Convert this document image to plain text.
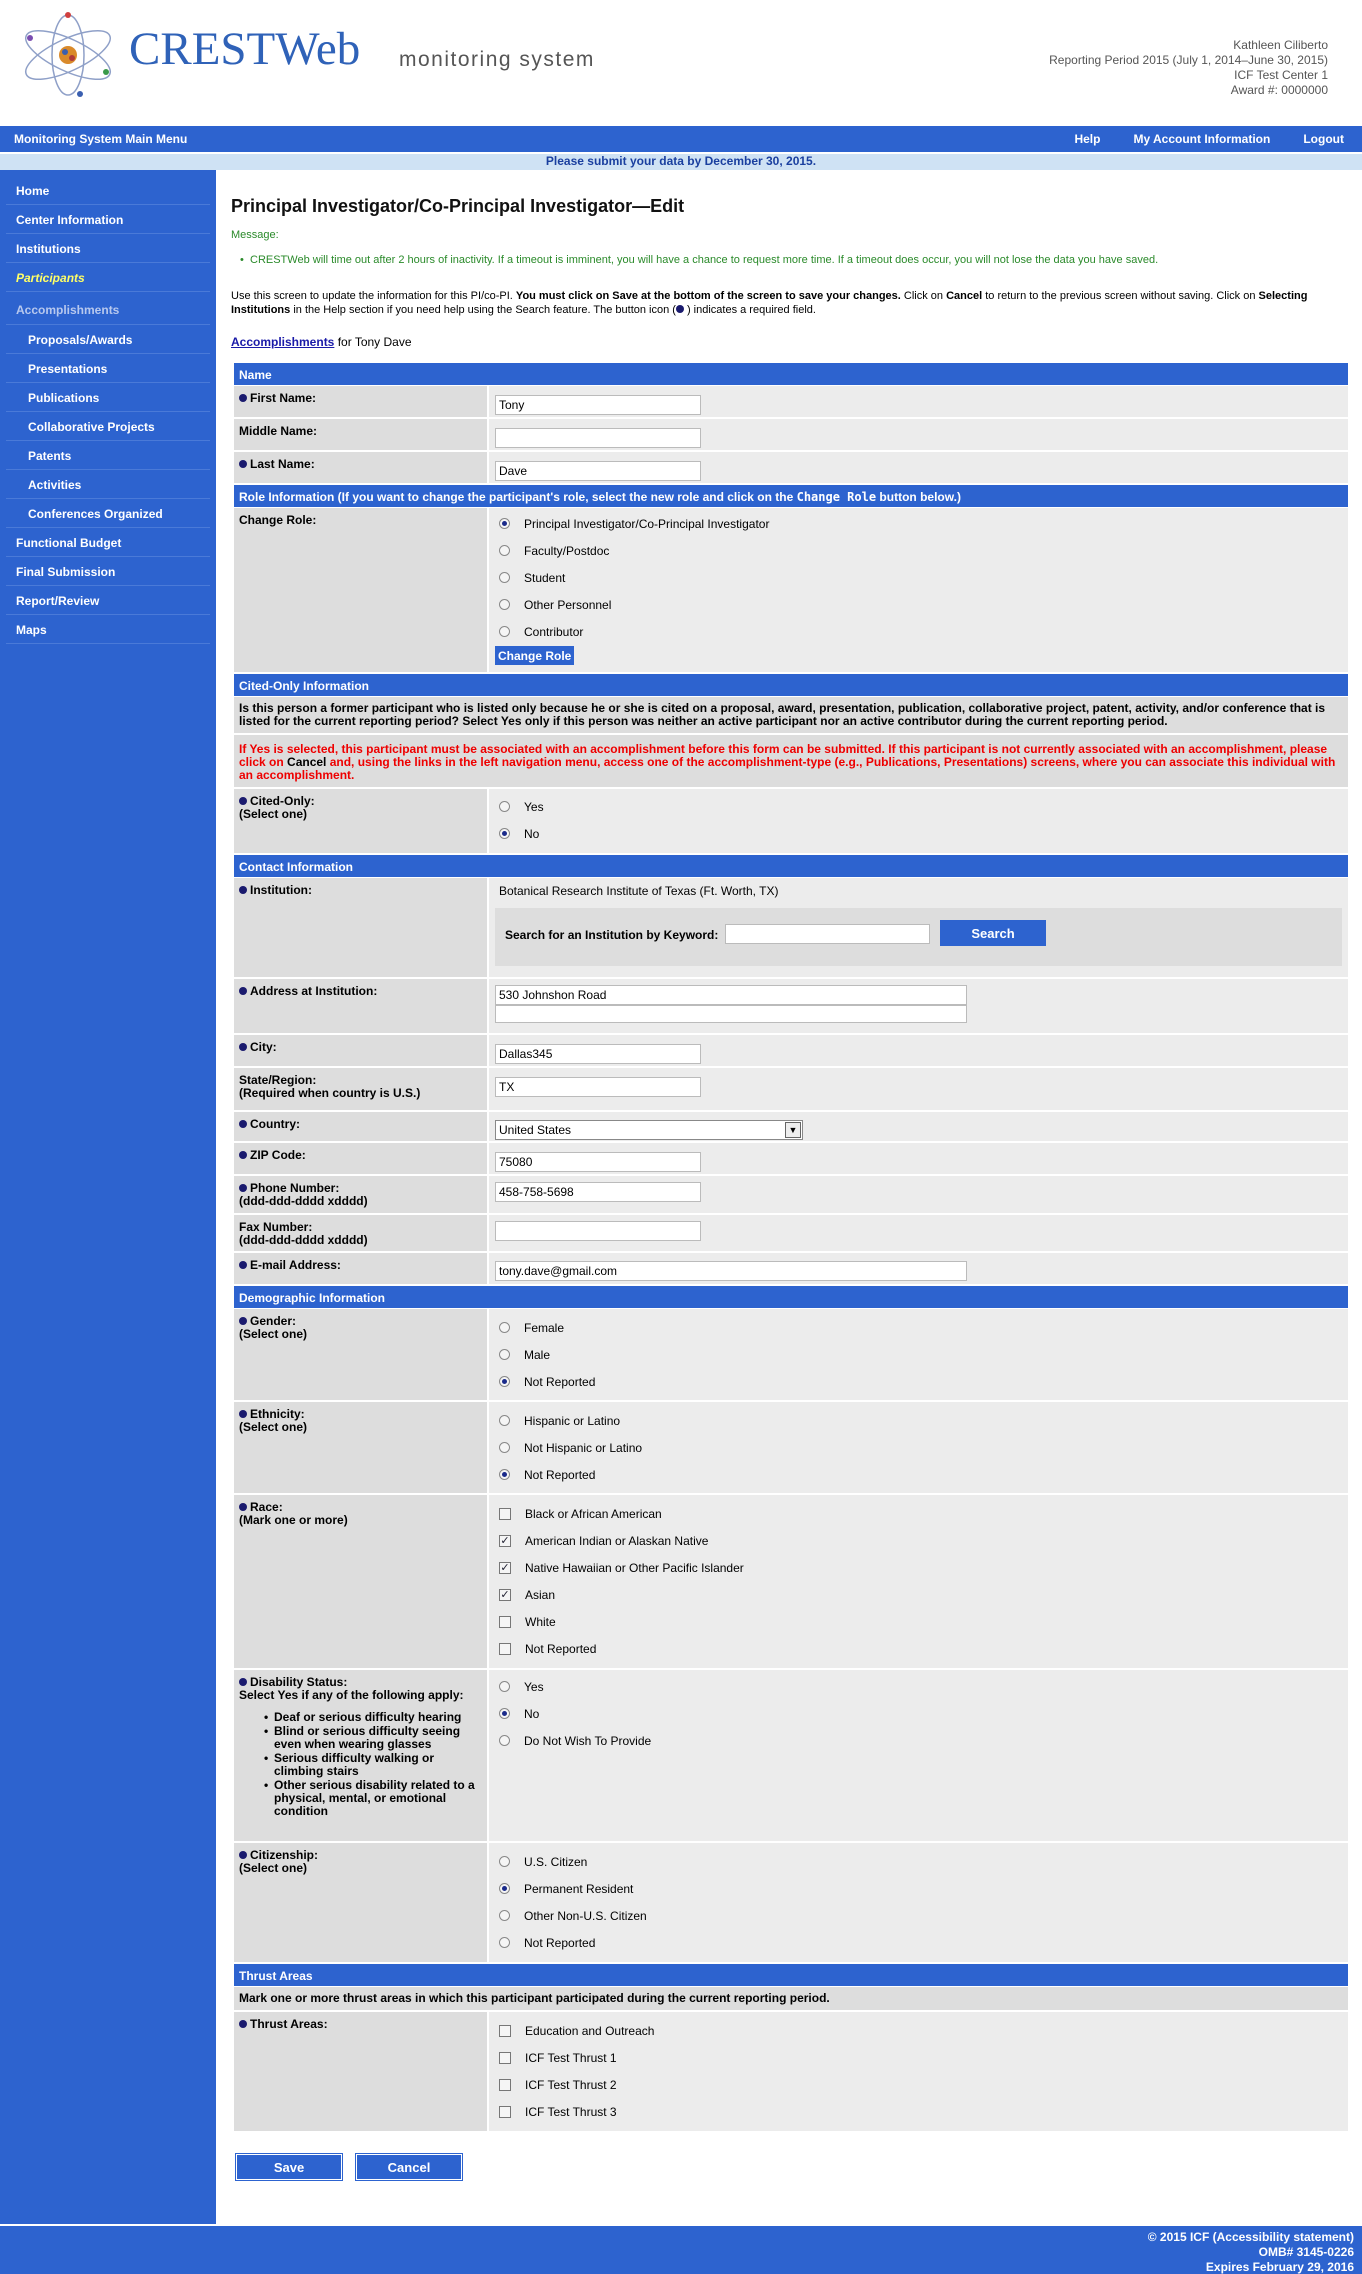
CRESTWeb monitoring system
Kathleen Ciliberto
Reporting Period 2015 (July 1, 2014–June 30, 2015)
ICF Test Center 1
Award #: 0000000
Monitoring System Main Menu	Help	My Account Information	Logout
Please submit your data by December 30, 2015.
Home
Center Information
Institutions
Participants
Accomplishments
Proposals/Awards
Presentations
Publications
Collaborative Projects
Patents
Activities
Conferences Organized
Functional Budget
Final Submission
Report/Review
Maps
Principal Investigator/Co-Principal Investigator—Edit
Message:
• CRESTWeb will time out after 2 hours of inactivity. If a timeout is imminent, you will have a chance to request more time. If a timeout does occur, you will not lose the data you have saved.
Use this screen to update the information for this PI/co-PI. You must click on Save at the bottom of the screen to save your changes. Click on Cancel to return to the previous screen without saving. Click on Selecting Institutions in the Help section if you need help using the Search feature. The button icon ( ) indicates a required field.
Accomplishments for Tony Dave
Name
First Name:
Tony
Middle Name:
Last Name:
Dave
Role Information (If you want to change the participant's role, select the new role and click on the Change Role button below.)
Change Role:	Principal Investigator/Co-Principal Investigator
Faculty/Postdoc
Student
Other Personnel
Contributor
Change Role
Cited-Only Information
Is this person a former participant who is listed only because he or she is cited on a proposal, award, presentation, publication, collaborative project, patent, activity, and/or conference that is listed for the current reporting period? Select Yes only if this person was neither an active participant nor an active contributor during the current reporting period.
If Yes is selected, this participant must be associated with an accomplishment before this form can be submitted. If this participant is not currently associated with an accomplishment, please click on Cancel and, using the links in the left navigation menu, access one of the accomplishment-type (e.g., Publications, Presentations) screens, where you can associate this individual with an accomplishment.
Cited-Only:
(Select one)
Yes
No
Contact Information
Institution:	Botanical Research Institute of Texas (Ft. Worth, TX)
Search for an Institution by Keyword:	Search
Address at Institution:
530 Johnshon Road
City:
Dallas345
State/Region:
(Required when country is U.S.)
TX
Country:	United States	▼
ZIP Code:
75080
Phone Number:
(ddd-ddd-dddd xdddd)
458-758-5698
Fax Number:
(ddd-ddd-dddd xdddd)
E-mail Address:
tony.dave@gmail.com
Demographic Information
Gender:
(Select one)	Female
Male
Not Reported
Ethnicity:
(Select one)	Hispanic or Latino
Not Hispanic or Latino
Not Reported
Race:
(Mark one or more)	Black or African American
✓ American Indian or Alaskan Native
✓ Native Hawaiian or Other Pacific Islander
✓ Asian
White
Not Reported
Disability Status:
Select Yes if any of the following apply:
• Deaf or serious difficulty hearing
• Blind or serious difficulty seeing even when wearing glasses
• Serious difficulty walking or climbing stairs
• Other serious disability related to a physical, mental, or emotional condition
Yes
No
Do Not Wish To Provide
Citizenship:
(Select one)	U.S. Citizen
Permanent Resident
Other Non-U.S. Citizen
Not Reported
Thrust Areas
Mark one or more thrust areas in which this participant participated during the current reporting period.
Thrust Areas:	Education and Outreach
ICF Test Thrust 1
ICF Test Thrust 2
ICF Test Thrust 3
Save	Cancel
© 2015 ICF (Accessibility statement)
OMB# 3145-0226
Expires February 29, 2016
